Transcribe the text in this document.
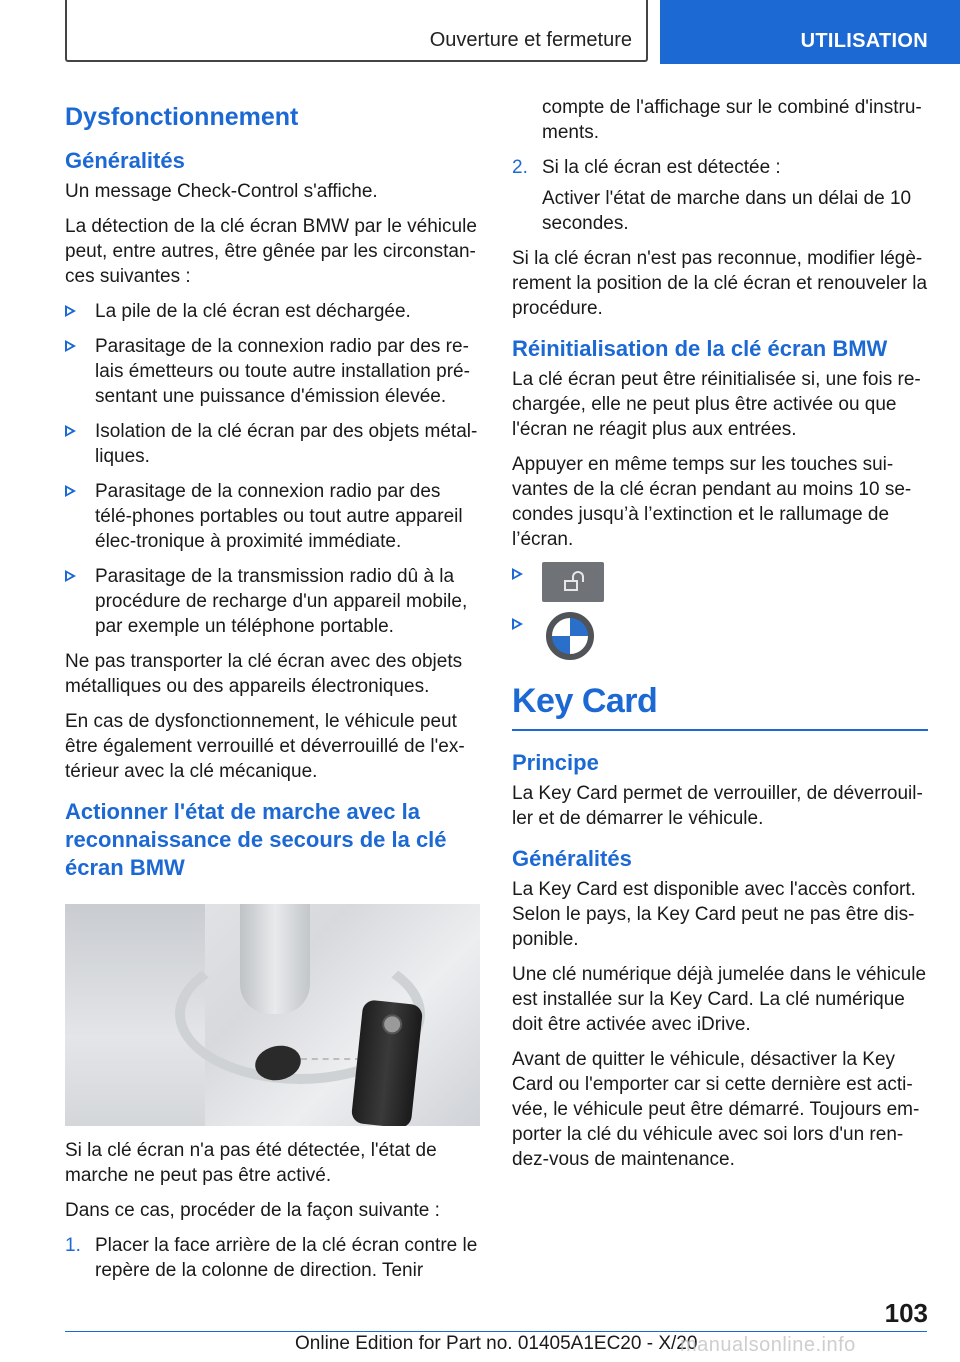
Ouverture et fermeture	UTILISATION
Dysfonctionnement
Généralités

Un message Check-Control s'affiche.

La détection de la clé écran BMW par le véhicule peut, entre autres, être gênée par les circonstan-ces suivantes :

La pile de la clé écran est déchargée.
Parasitage de la connexion radio par des re-lais émetteurs ou toute autre installation pré-sentant une puissance d'émission élevée.
Isolation de la clé écran par des objets métal-liques.
Parasitage de la connexion radio par des télé-phones portables ou tout autre appareil élec-tronique à proximité immédiate.
Parasitage de la transmission radio dû à la procédure de recharge d'un appareil mobile, par exemple un téléphone portable.

Ne pas transporter la clé écran avec des objets métalliques ou des appareils électroniques.

En cas de dysfonctionnement, le véhicule peut être également verrouillé et déverrouillé de l'ex-térieur avec la clé mécanique.

Actionner l'état de marche avec la reconnaissance de secours de la clé écran BMW

Si la clé écran n'a pas été détectée, l'état de marche ne peut pas être activé.

Dans ce cas, procéder de la façon suivante :

1. Placer la face arrière de la clé écran contre le repère de la colonne de direction. Tenir

compte de l'affichage sur le combiné d'instru-ments.

2. Si la clé écran est détectée :

Activer l'état de marche dans un délai de 10 secondes.

Si la clé écran n'est pas reconnue, modifier légè-rement la position de la clé écran et renouveler la procédure.

Réinitialisation de la clé écran BMW

La clé écran peut être réinitialisée si, une fois re-chargée, elle ne peut plus être activée ou que l'écran ne réagit plus aux entrées.

Appuyer en même temps sur les touches sui-vantes de la clé écran pendant au moins 10 se-condes jusqu’à l’extinction et le rallumage de l’écran.

Key Card
Principe

La Key Card permet de verrouiller, de déverrouil-ler et de démarrer le véhicule.

Généralités

La Key Card est disponible avec l'accès confort. Selon le pays, la Key Card peut ne pas être dis-ponible.

Une clé numérique déjà jumelée dans le véhicule est installée sur la Key Card. La clé numérique doit être activée avec iDrive.

Avant de quitter le véhicule, désactiver la Key Card ou l'emporter car si cette dernière est acti-vée, le véhicule peut être démarré. Toujours em-porter la clé du véhicule avec soi lors d'un ren-dez-vous de maintenance.

103
Online Edition for Part no. 01405A1EC20 - X/20
manualsonline.info
